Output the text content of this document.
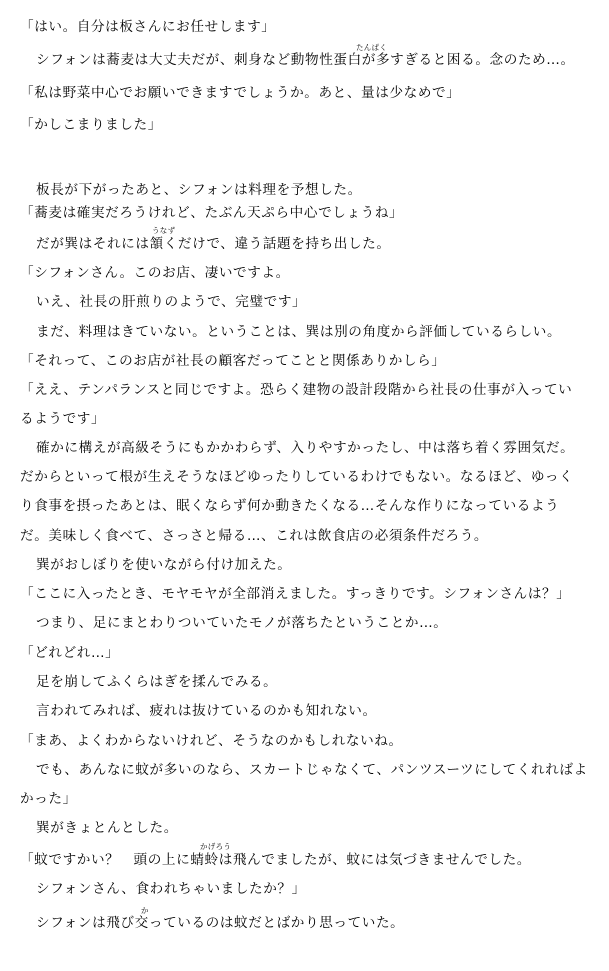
「はい。自分は板さんにお任せします」
たんぱく
シフォンは蕎麦は大丈夫だが、刺身など動物性蛋白が多すぎると困る。念のため…。
「私は野菜中心でお願いできますでしょうか。あと、量は少なめで」
「かしこまりました」
板長が下がったあと、シフォンは料理を予想した。
「蕎麦は確実だろうけれど、たぶん天ぷら中心でしょうね」
うなず
だが巽はそれには頷くだけで、違う話題を持ち出した。
「シフォンさん。このお店、凄いですよ。
いえ、社長の肝煎りのようで、完璧です」
まだ、料理はきていない。ということは、巽は別の角度から評価しているらしい。
「それって、このお店が社長の顧客だってことと関係ありかしら」
「ええ、テンパランスと同じですよ。恐らく建物の設計段階から社長の仕事が入ってい
るようです」
確かに構えが高級そうにもかかわらず、入りやすかったし、中は落ち着く雰囲気だ。
だからといって根が生えそうなほどゆったりしているわけでもない。なるほど、ゆっく
り食事を摂ったあとは、眠くならず何か動きたくなる…そんな作りになっているよう
だ。美味しく食べて、さっさと帰る…、これは飲食店の必須条件だろう。
巽がおしぼりを使いながら付け加えた。
「ここに入ったとき、モヤモヤが全部消えました。すっきりです。シフォンさんは？」
つまり、足にまとわりついていたモノが落ちたということか…。
「どれどれ…」
足を崩してふくらはぎを揉んでみる。
言われてみれば、疲れは抜けているのかも知れない。
「まあ、よくわからないけれど、そうなのかもしれないね。
でも、あんなに蚊が多いのなら、スカートじゃなくて、パンツスーツにしてくれればよ
かった」
巽がきょとんとした。
かげろう
「蚊ですかい？　頭の上に蜻蛉は飛んでましたが、蚊には気づきませんでした。
シフォンさん、食われちゃいましたか？」
か
シフォンは飛び交っているのは蚊だとばかり思っていた。
